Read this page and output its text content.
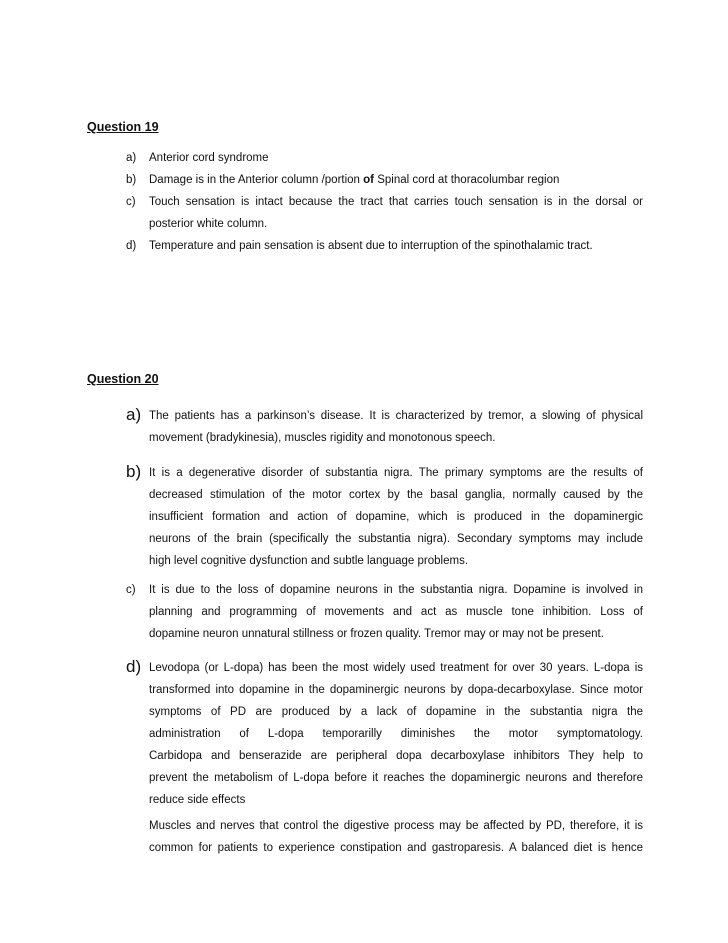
Question 19
a) Anterior cord syndrome
b) Damage is in the Anterior column /portion of Spinal cord at thoracolumbar region
c) Touch sensation is intact because the tract that carries touch sensation is in the dorsal or
posterior white column.
d) Temperature and pain sensation is absent due to interruption of the spinothalamic tract.
Question 20
a) The patients has a parkinson’s disease. It is characterized by tremor, a slowing of physical
movement (bradykinesia), muscles rigidity and monotonous speech.
b) It is a degenerative disorder of substantia nigra. The primary symptoms are the results of
decreased stimulation of the motor cortex by the basal ganglia, normally caused by the
insufficient formation and action of dopamine, which is produced in the dopaminergic
neurons of the brain (specifically the substantia nigra). Secondary symptoms may include
high level cognitive dysfunction and subtle language problems.
c) It is due to the loss of dopamine neurons in the substantia nigra. Dopamine is involved in
planning and programming of movements and act as muscle tone inhibition. Loss of
dopamine neuron unnatural stillness or frozen quality. Tremor may or may not be present.
d) Levodopa (or L-dopa) has been the most widely used treatment for over 30 years. L-dopa is
transformed into dopamine in the dopaminergic neurons by dopa-decarboxylase. Since motor
symptoms of PD are produced by a lack of dopamine in the substantia nigra the
administration of L-dopa temporarilly diminishes the motor symptomatology.
Carbidopa and benserazide are peripheral dopa decarboxylase inhibitors They help to
prevent the metabolism of L-dopa before it reaches the dopaminergic neurons and therefore
reduce side effects
Muscles and nerves that control the digestive process may be affected by PD, therefore, it is
common for patients to experience constipation and gastroparesis. A balanced diet is hence
